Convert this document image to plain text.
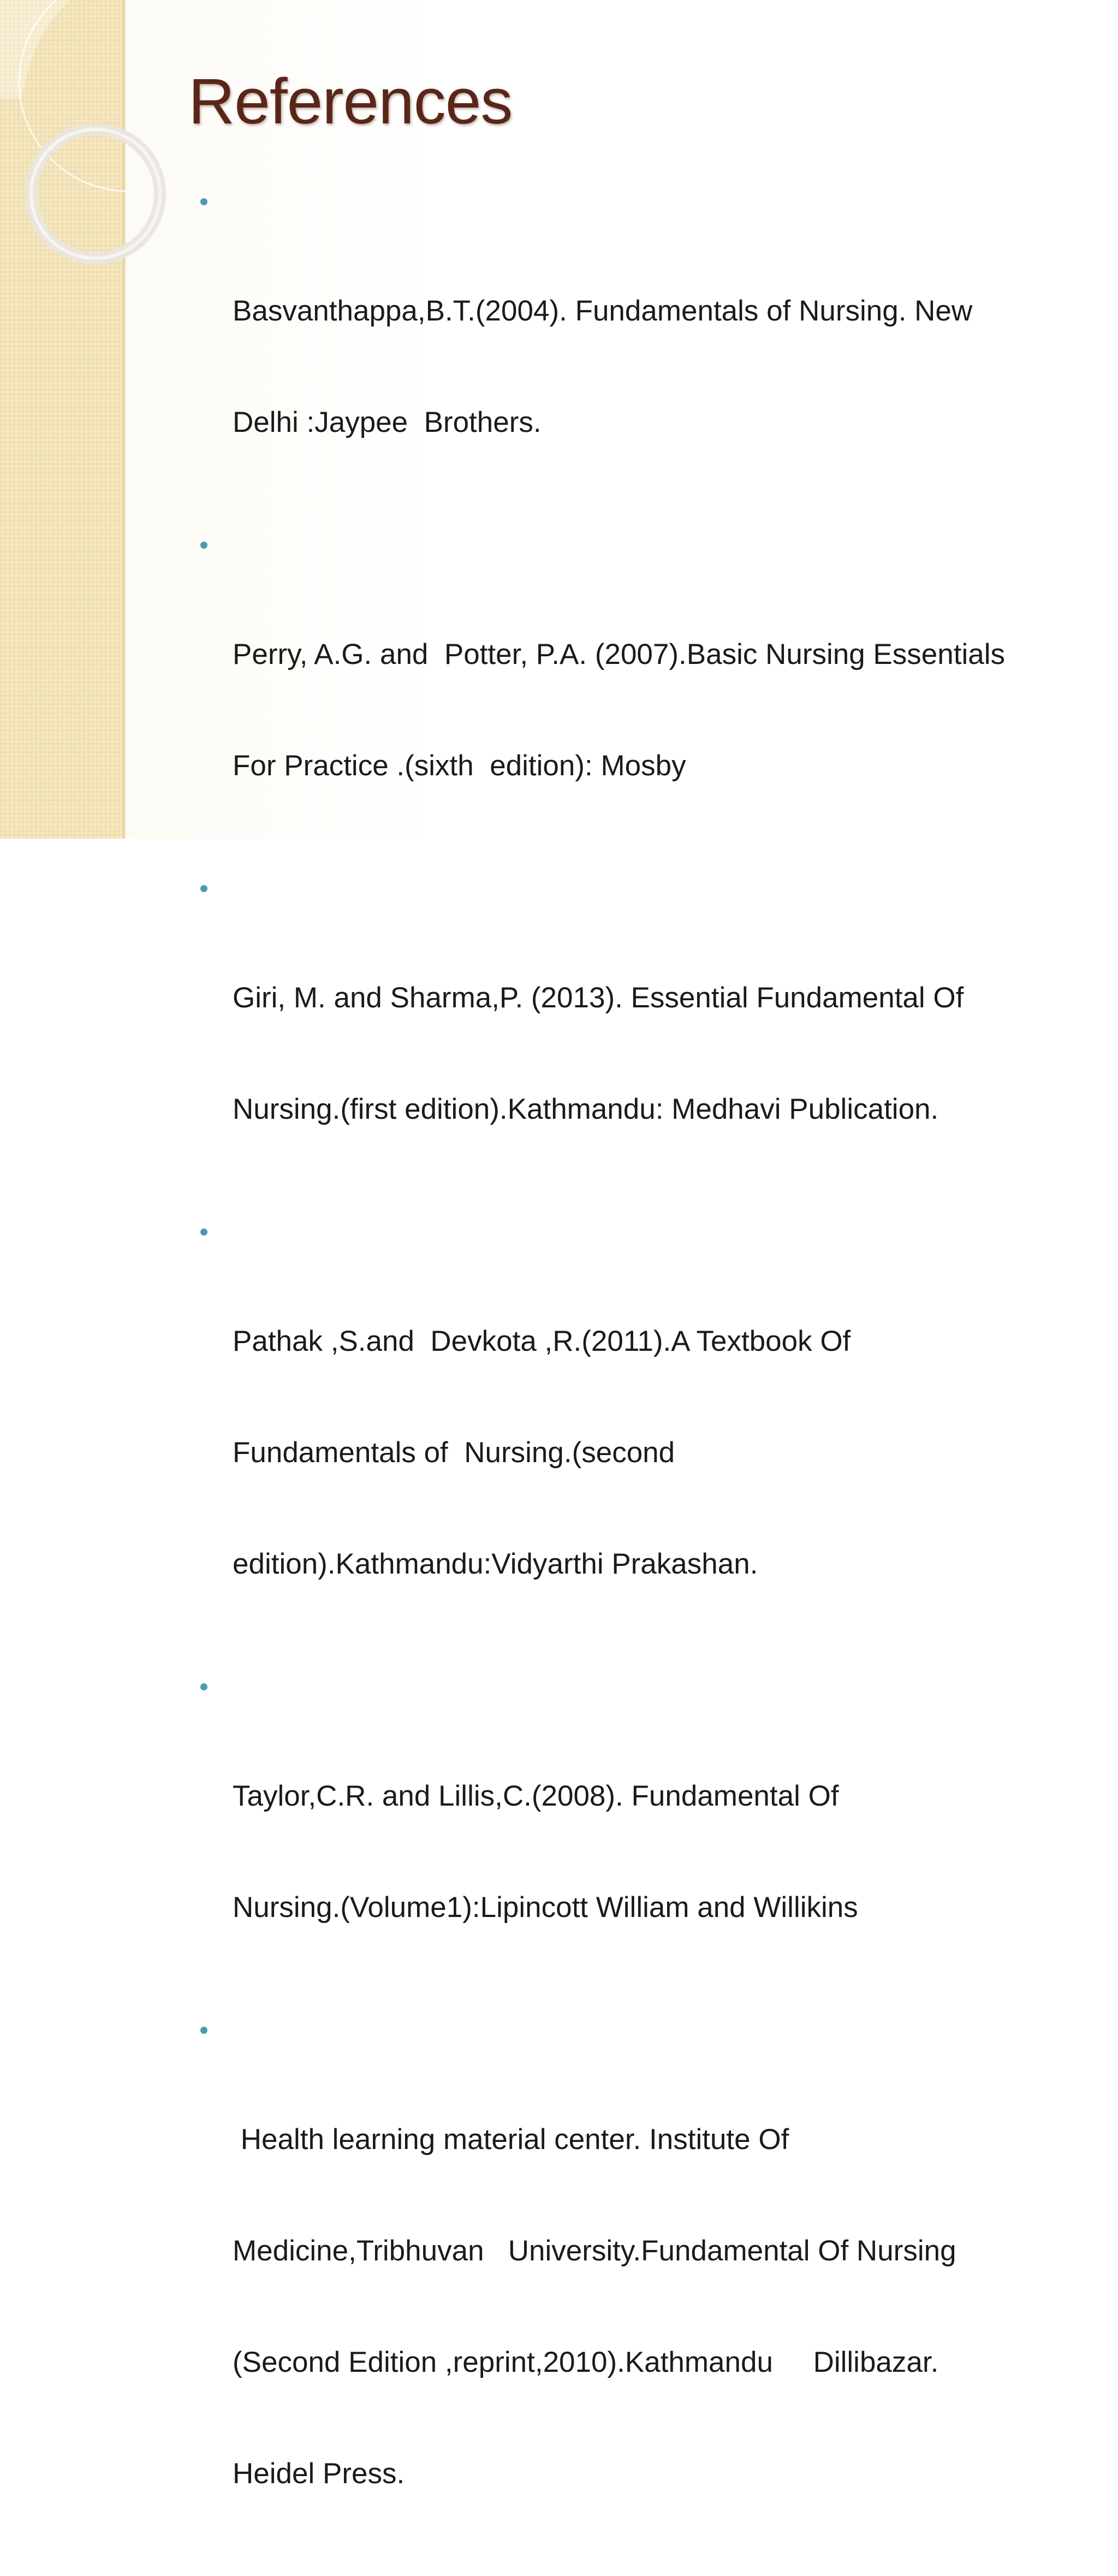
References

Basvanthappa,B.T.(2004). Fundamentals of Nursing. New

Delhi :Jaypee  Brothers.

Perry, A.G. and  Potter, P.A. (2007).Basic Nursing Essentials

For Practice .(sixth  edition): Mosby

Giri, M. and Sharma,P. (2013). Essential Fundamental Of

Nursing.(first edition).Kathmandu: Medhavi Publication.

Pathak ,S.and  Devkota ,R.(2011).A Textbook Of

Fundamentals of  Nursing.(second

edition).Kathmandu:Vidyarthi Prakashan.

Taylor,C.R. and Lillis,C.(2008). Fundamental Of

Nursing.(Volume1):Lipincott William and Willikins

Health learning material center. Institute Of

Medicine,Tribhuvan   University.Fundamental Of Nursing

(Second Edition ,reprint,2010).Kathmandu     Dillibazar.

Heidel Press.
